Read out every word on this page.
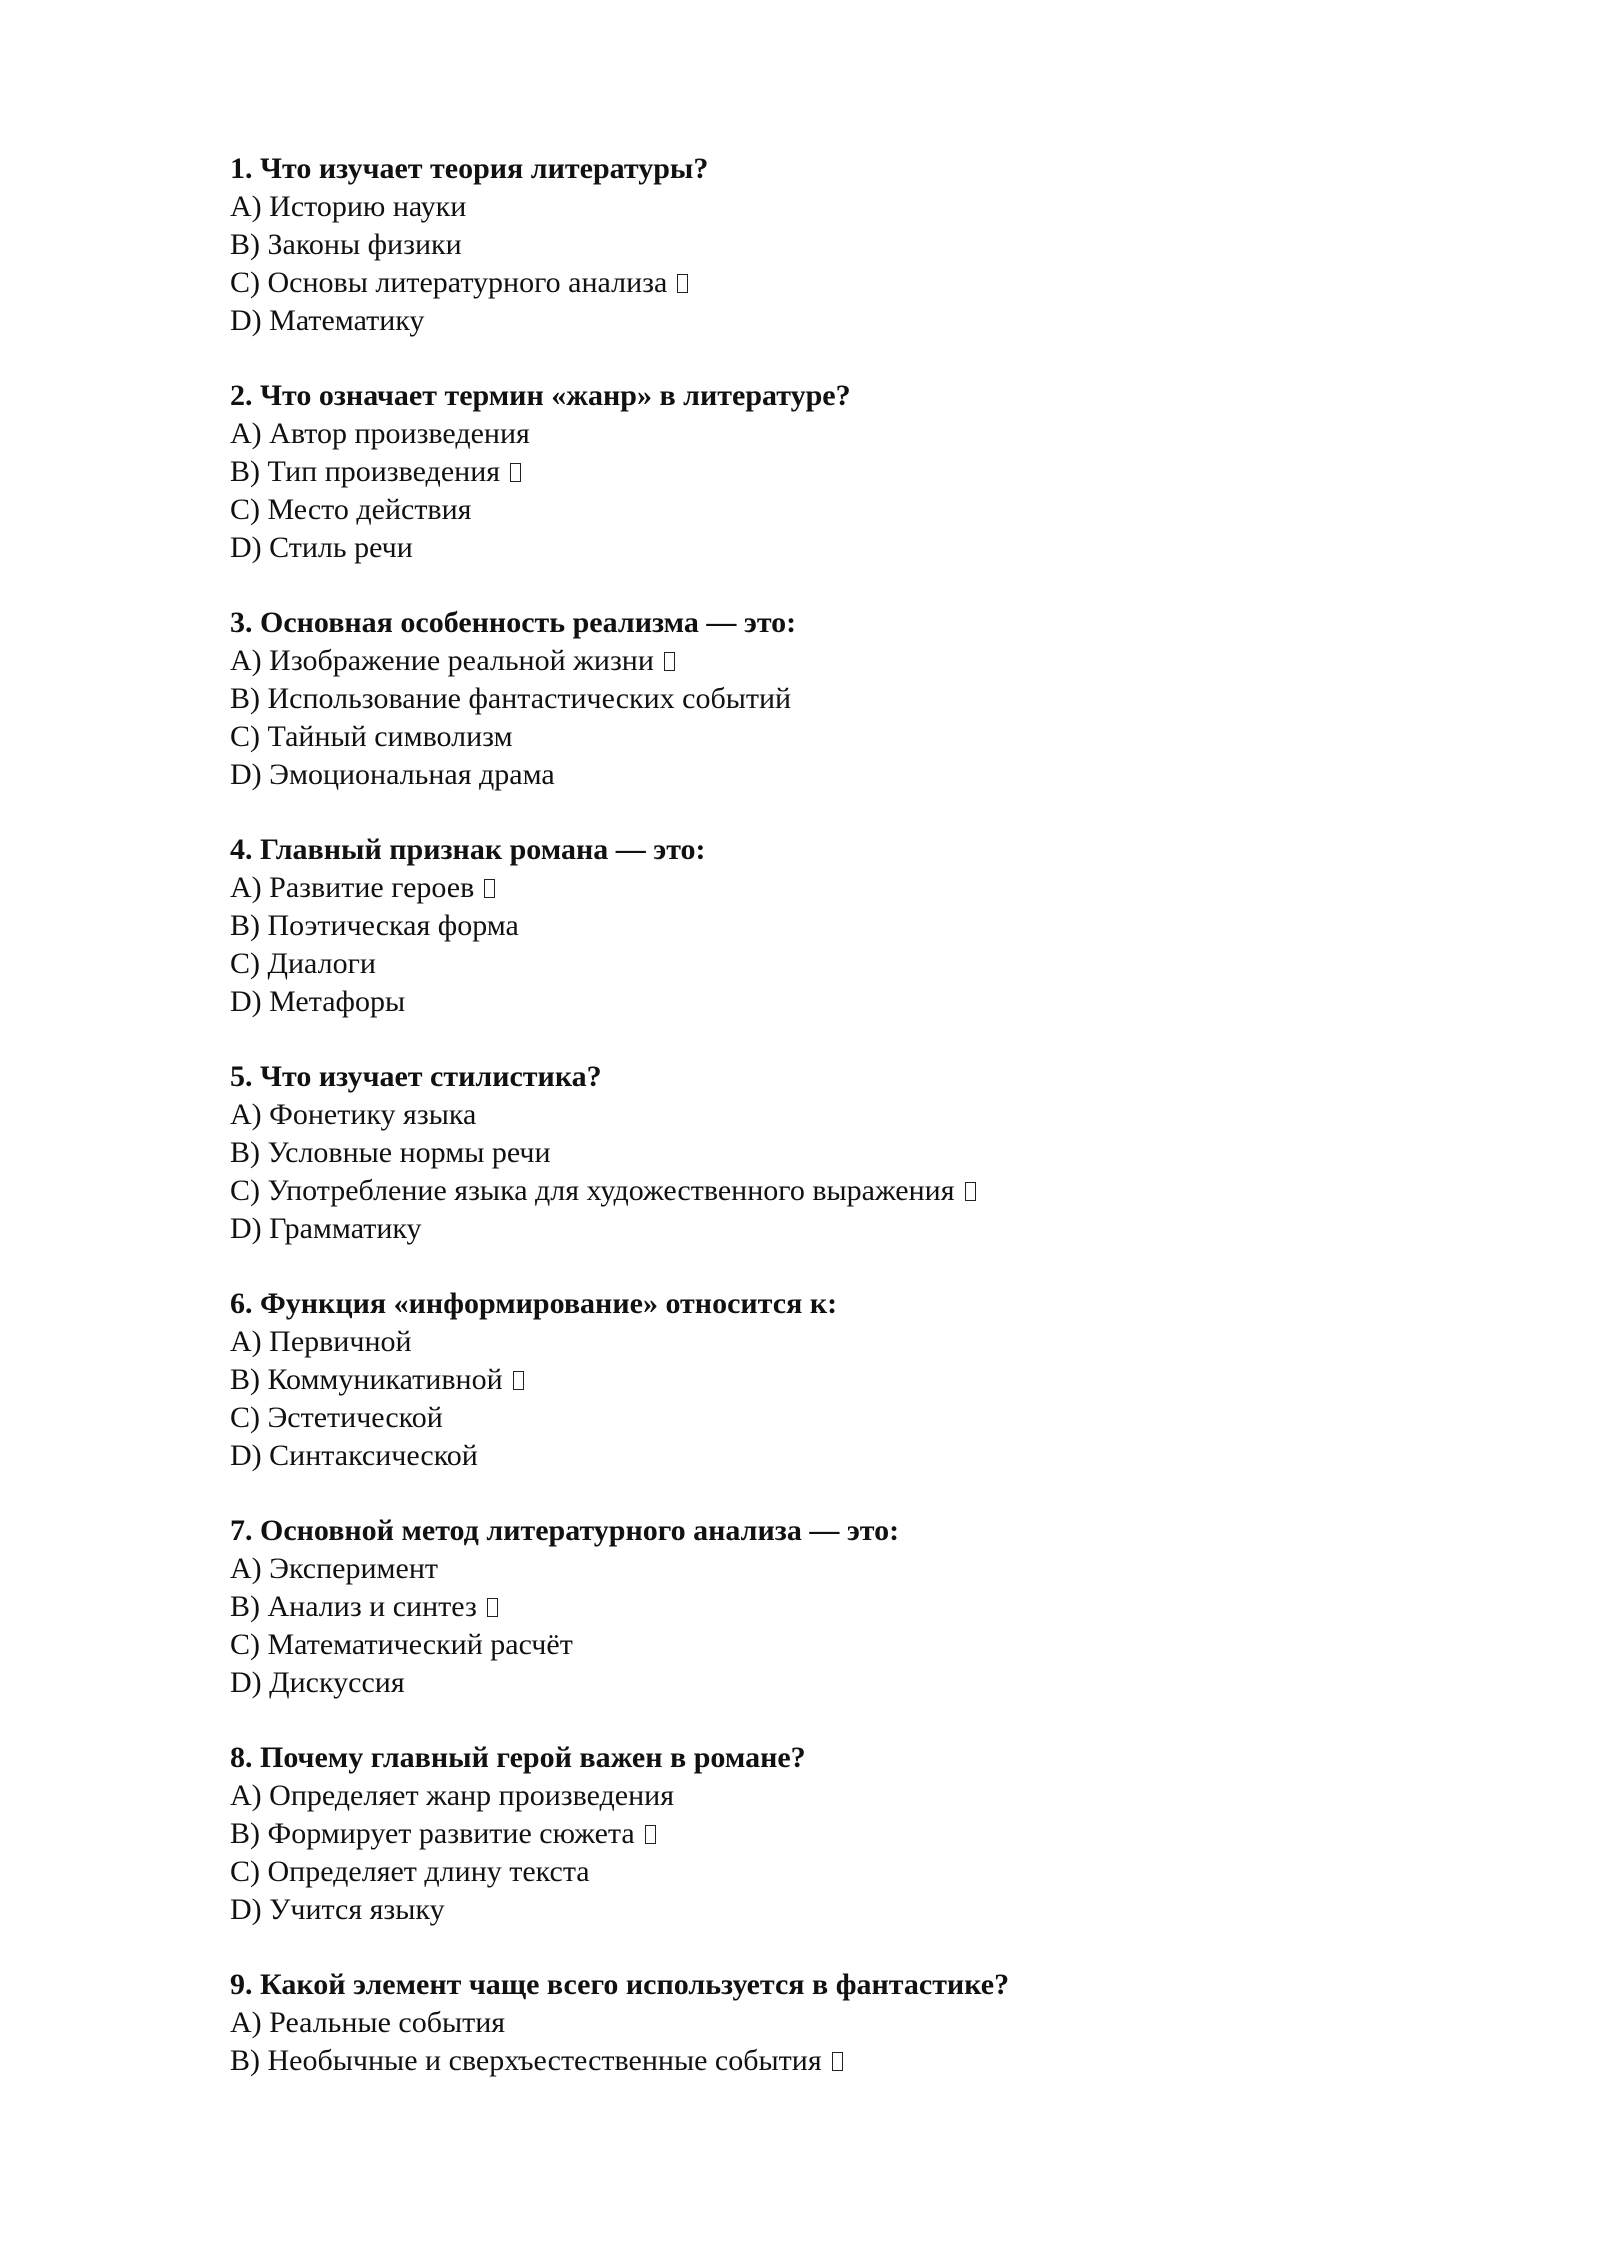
1. Что изучает теория литературы?
A) Историю науки
B) Законы физики
C) Основы литературного анализа
D) Математику
2. Что означает термин «жанр» в литературе?
A) Автор произведения
B) Тип произведения
C) Место действия
D) Стиль речи
3. Основная особенность реализма — это:
A) Изображение реальной жизни
B) Использование фантастических событий
C) Тайный символизм
D) Эмоциональная драма
4. Главный признак романа — это:
A) Развитие героев
B) Поэтическая форма
C) Диалоги
D) Метафоры
5. Что изучает стилистика?
A) Фонетику языка
B) Условные нормы речи
C) Употребление языка для художественного выражения
D) Грамматику
6. Функция «информирование» относится к:
A) Первичной
B) Коммуникативной
C) Эстетической
D) Синтаксической
7. Основной метод литературного анализа — это:
A) Эксперимент
B) Анализ и синтез
C) Математический расчёт
D) Дискуссия
8. Почему главный герой важен в романе?
A) Определяет жанр произведения
B) Формирует развитие сюжета
C) Определяет длину текста
D) Учится языку
9. Какой элемент чаще всего используется в фантастике?
A) Реальные события
B) Необычные и сверхъестественные события
